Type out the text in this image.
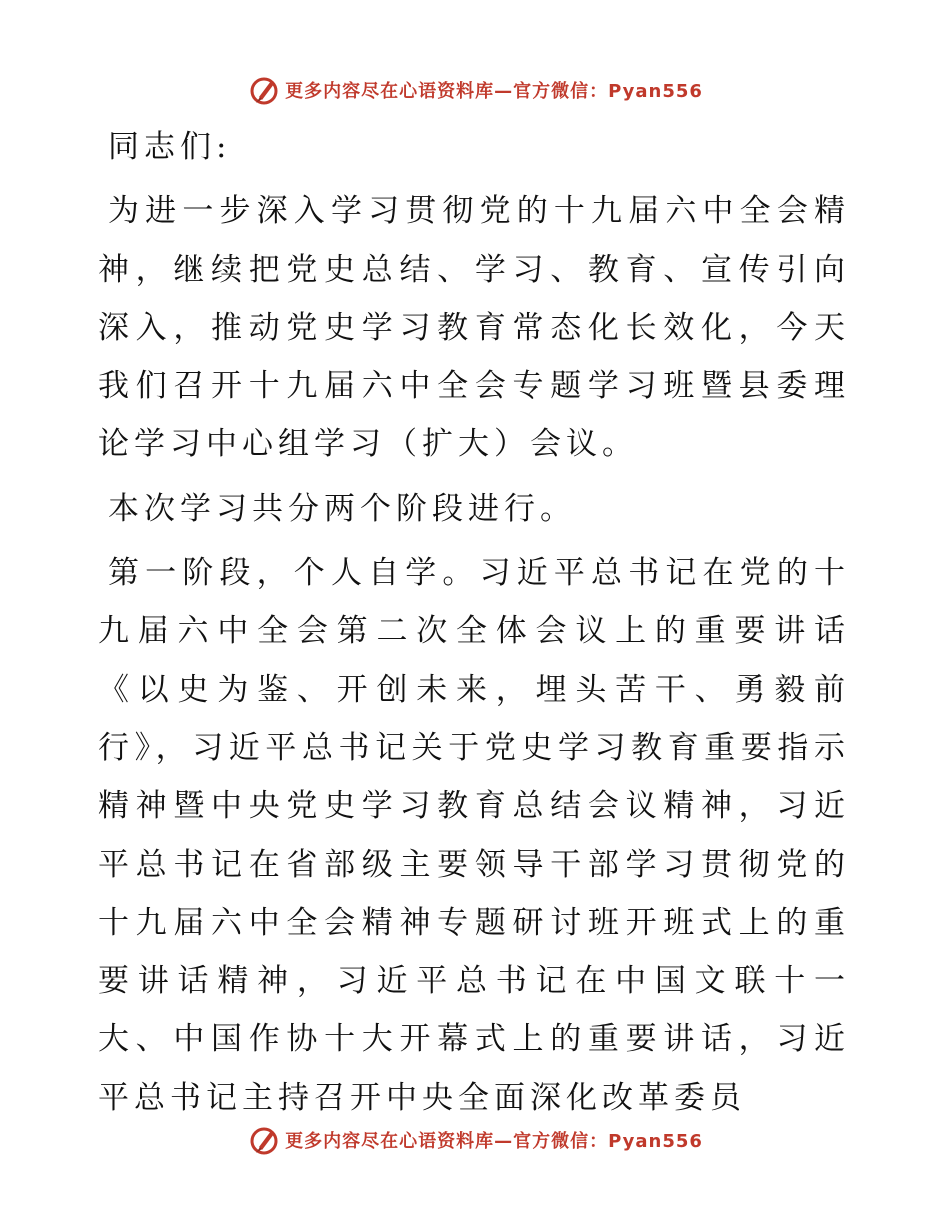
更多内容尽在心语资料库—官方微信：Pyan556

同志们:

为进一步深入学习贯彻党的十九届六中全会精神，继续把党史总结、学习、教育、宣传引向深入，推动党史学习教育常态化长效化，今天我们召开十九届六中全会专题学习班暨县委理论学习中心组学习（扩大）会议。

本次学习共分两个阶段进行。

第一阶段，个人自学。习近平总书记在党的十九届六中全会第二次全体会议上的重要讲话《以史为鉴、开创未来，埋头苦干、勇毅前行》，习近平总书记关于党史学习教育重要指示精神暨中央党史学习教育总结会议精神，习近平总书记在省部级主要领导干部学习贯彻党的十九届六中全会精神专题研讨班开班式上的重要讲话精神，习近平总书记在中国文联十一大、中国作协十大开幕式上的重要讲话，习近平总书记主持召开中央全面深化改革委员

更多内容尽在心语资料库—官方微信：Pyan556
